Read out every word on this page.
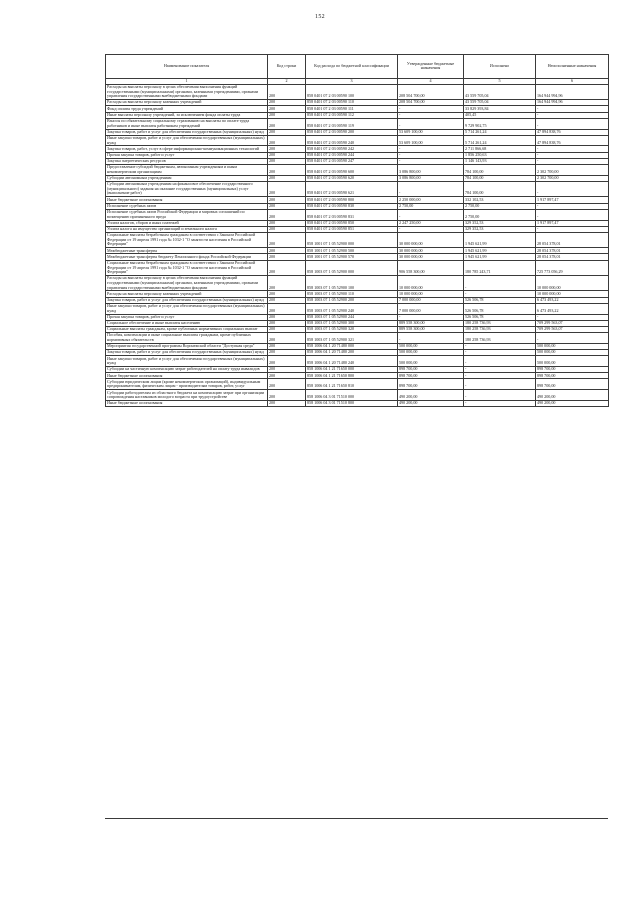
152
Наименование показателя	Код строки	Код расхода по бюджетной классификации	Утвержденные бюджетные назначения	Исполнено	Неисполненные назначения
1	2	3	4	5	6
Расходы на выплаты персоналу в целях обеспечения выполнения функций государственными (муниципальными) органами, казенными учреждениями, органами управления государственными внебюджетными фондами	200	858 0401 07 2 03 00590 100	208 504 700,00	43 559 705,04	164 944 994,96
Расходы на выплаты персоналу казенных учреждений	200	858 0401 07 2 03 00590 110	208 504 700,00	43 559 705,04	164 944 994,96
Фонд оплаты труда учреждений	200	858 0401 07 2 03 00590 111	-	33 829 393,84	-
Иные выплаты персоналу учреждений, за исключением фонда оплаты труда	200	858 0401 07 2 03 00590 112	-	405,45	-
Взносы по обязательному социальному страхованию на выплаты по оплате труда работников и иные выплаты работникам учреждений	200	858 0401 07 2 03 00590 119	-	9 729 902,75	-
Закупка товаров, работ и услуг для обеспечения государственных (муниципальных) нужд	200	858 0401 07 2 03 00590 200	53 609 100,00	5 714 261,24	47 894 838,76
Иные закупки товаров, работ и услуг для обеспечения государственных (муниципальных) нужд	200	858 0401 07 2 03 00590 240	53 609 100,00	5 714 261,24	47 894 838,76
Закупка товаров, работ, услуг в сфере информационно-коммуникационных технологий	200	858 0401 07 2 03 00590 242	-	2 711 866,68	-
Прочая закупка товаров, работ и услуг	200	858 0401 07 2 03 00590 244	-	1 856 250,63	-
Закупка энергетических ресурсов	200	858 0401 07 2 03 00590 247	-	1 146 143,93	-
Предоставление субсидий бюджетным, автономным учреждениям и иным некоммерческим организациям	200	858 0401 07 2 03 00590 600	3 086 800,00	784 100,00	2 302 700,00
Субсидии автономным учреждениям	200	858 0401 07 2 03 00590 620	3 086 800,00	784 100,00	2 302 700,00
Субсидии автономным учреждениям на финансовое обеспечение государственного (муниципального) задания на оказание государственных (муниципальных) услуг (выполнение работ)	200	858 0401 07 2 03 00590 621	-	784 100,00	-
Иные бюджетные ассигнования	200	858 0401 07 2 03 00590 800	2 250 000,00	332 102,53	1 917 897,47
Исполнение судебных актов	200	858 0401 07 2 03 00590 830	2 750,00	2 750,00	-
Исполнение судебных актов Российской Федерации и мировых соглашений по возмещению причиненного вреда	200	858 0401 07 2 03 00590 831	-	2 750,00	-
Уплата налогов, сборов и иных платежей	200	858 0401 07 2 03 00590 850	2 247 250,00	329 352,53	1 917 897,47
Уплата налога на имущество организаций и земельного налога	200	858 0401 07 2 03 00590 851	-	329 352,53	-
Социальные выплаты безработным гражданам в соответствии с Законом Российской Федерации от 19 апреля 1991 года № 1032-1 "О занятости населения в Российской Федерации"	200	858 1001 07 1 05 52900 000	30 000 000,00	1 945 621,99	28 054 378,01
Межбюджетные трансферты	200	858 1001 07 1 05 52900 500	30 000 000,00	1 945 621,99	28 054 378,01
Межбюджетные трансферты бюджету Пенсионного фонда Российской Федерации	200	858 1001 07 1 05 52900 570	30 000 000,00	1 945 621,99	28 054 378,01
Социальные выплаты безработным гражданам в соответствии с Законом Российской Федерации от 19 апреля 1991 года № 1032-1 "О занятости населения в Российской Федерации"	200	858 1003 07 1 05 52900 000	906 558 300,00	180 785 243,71	725 773 056,29
Расходы на выплаты персоналу в целях обеспечения выполнения функций государственными (муниципальными) органами, казенными учреждениями, органами управления государственными внебюджетными фондами	200	858 1003 07 1 05 52900 100	10 000 000,00	-	10 000 000,00
Расходы на выплаты персоналу казенных учреждений	200	858 1003 07 1 05 52900 110	10 000 000,00	-	10 000 000,00
Закупка товаров, работ и услуг для обеспечения государственных (муниципальных) нужд	200	858 1003 07 1 05 52900 200	7 000 000,00	526 506,78	6 473 493,22
Иные закупки товаров, работ и услуг для обеспечения государственных (муниципальных) нужд	200	858 1003 07 1 05 52900 240	7 000 000,00	526 506,78	6 473 493,22
Прочая закупка товаров, работ и услуг	200	858 1003 07 1 05 52900 244	-	526 506,78	-
Социальное обеспечение и иные выплаты населению	200	858 1003 07 1 05 52900 300	889 558 300,00	180 258 736,93	709 299 563,07
Социальные выплаты гражданам, кроме публичных нормативных социальных выплат	200	858 1003 07 1 05 52900 320	889 558 300,00	180 258 736,93	709 299 563,07
Пособия, компенсации и иные социальные выплаты гражданам, кроме публичных нормативных обязательств	200	858 1003 07 1 05 52900 321	-	180 258 736,93	-
Мероприятия государственной программы Воронежской области "Доступная среда"	200	858 1006 04 1 20 71480 000	500 000,00	-	500 000,00
Закупка товаров, работ и услуг для обеспечения государственных (муниципальных) нужд	200	858 1006 04 1 20 71480 200	500 000,00	-	500 000,00
Иные закупки товаров, работ и услуг для обеспечения государственных (муниципальных) нужд	200	858 1006 04 1 20 71480 240	500 000,00	-	500 000,00
Субсидии на частичную компенсацию затрат работодателей на оплату труда инвалидов	200	858 1006 04 1 21 71650 000	898 700,00	-	898 700,00
Иные бюджетные ассигнования	200	858 1006 04 1 21 71650 800	898 700,00	-	898 700,00
Субсидии юридическим лицам (кроме некоммерческих организаций), индивидуальным предпринимателям, физическим лицам - производителям товаров, работ, услуг	200	858 1006 04 1 21 71650 810	898 700,00	-	898 700,00
Субсидии работодателям из областного бюджета на компенсацию затрат при организации сопровождения наставников молодого возраста при трудоустройстве	200	858 1006 04 3 01 71510 000	490 200,00	-	490 200,00
Иные бюджетные ассигнования	200	858 1006 04 3 01 71510 800	490 200,00	-	490 200,00
